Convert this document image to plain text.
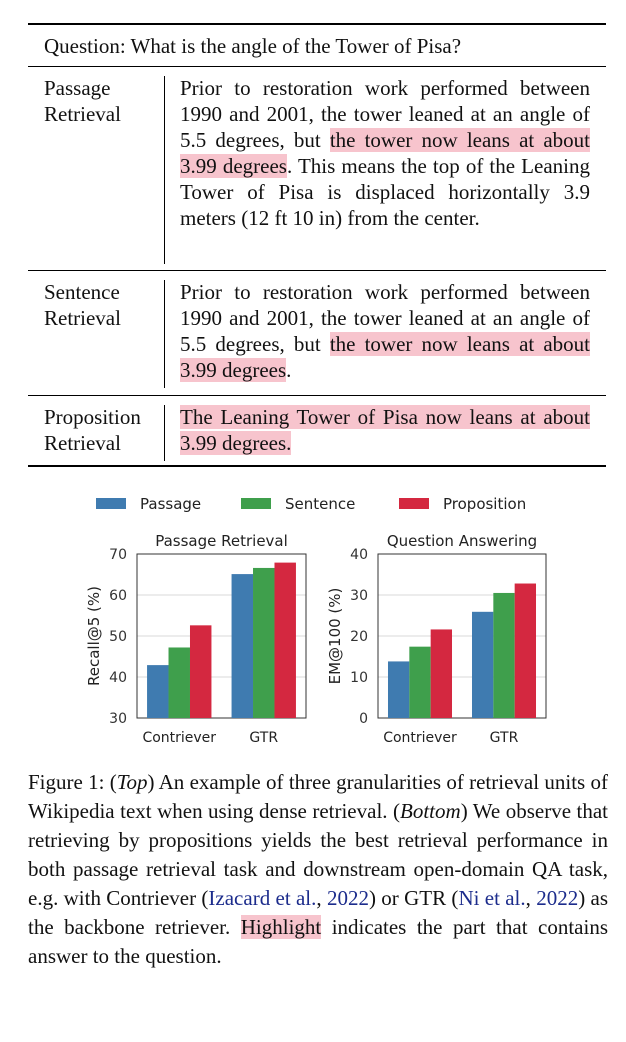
Question: What is the angle of the Tower of Pisa?
Passage
Retrieval
Prior to restoration work performed between 1990 and 2001, the tower leaned at an angle of 5.5 degrees, but the tower now leans at about 3.99 degrees. This means the top of the Leaning Tower of Pisa is displaced horizontally 3.9 meters (12 ft 10 in) from the center.
Sentence
Retrieval
Prior to restoration work performed between 1990 and 2001, the tower leaned at an angle of 5.5 degrees, but the tower now leans at about 3.99 degrees.
Proposition
Retrieval
The Leaning Tower of Pisa now leans at about 3.99 degrees.
Passage	Sentence	Proposition
30
40
50
60
70
Passage Retrieval
Recall@5 (%)
Contriever GTR
0
10
20
30
40
Question Answering
EM@100 (%)
Contriever GTR
Figure 1: (Top) An example of three granularities of retrieval units of Wikipedia text when using dense retrieval. (Bottom) We observe that retrieving by propositions yields the best retrieval performance in both passage retrieval task and downstream open-domain QA task, e.g. with Contriever (Izacard et al., 2022) or GTR (Ni et al., 2022) as the backbone retriever. Highlight indicates the part that contains answer to the question.
